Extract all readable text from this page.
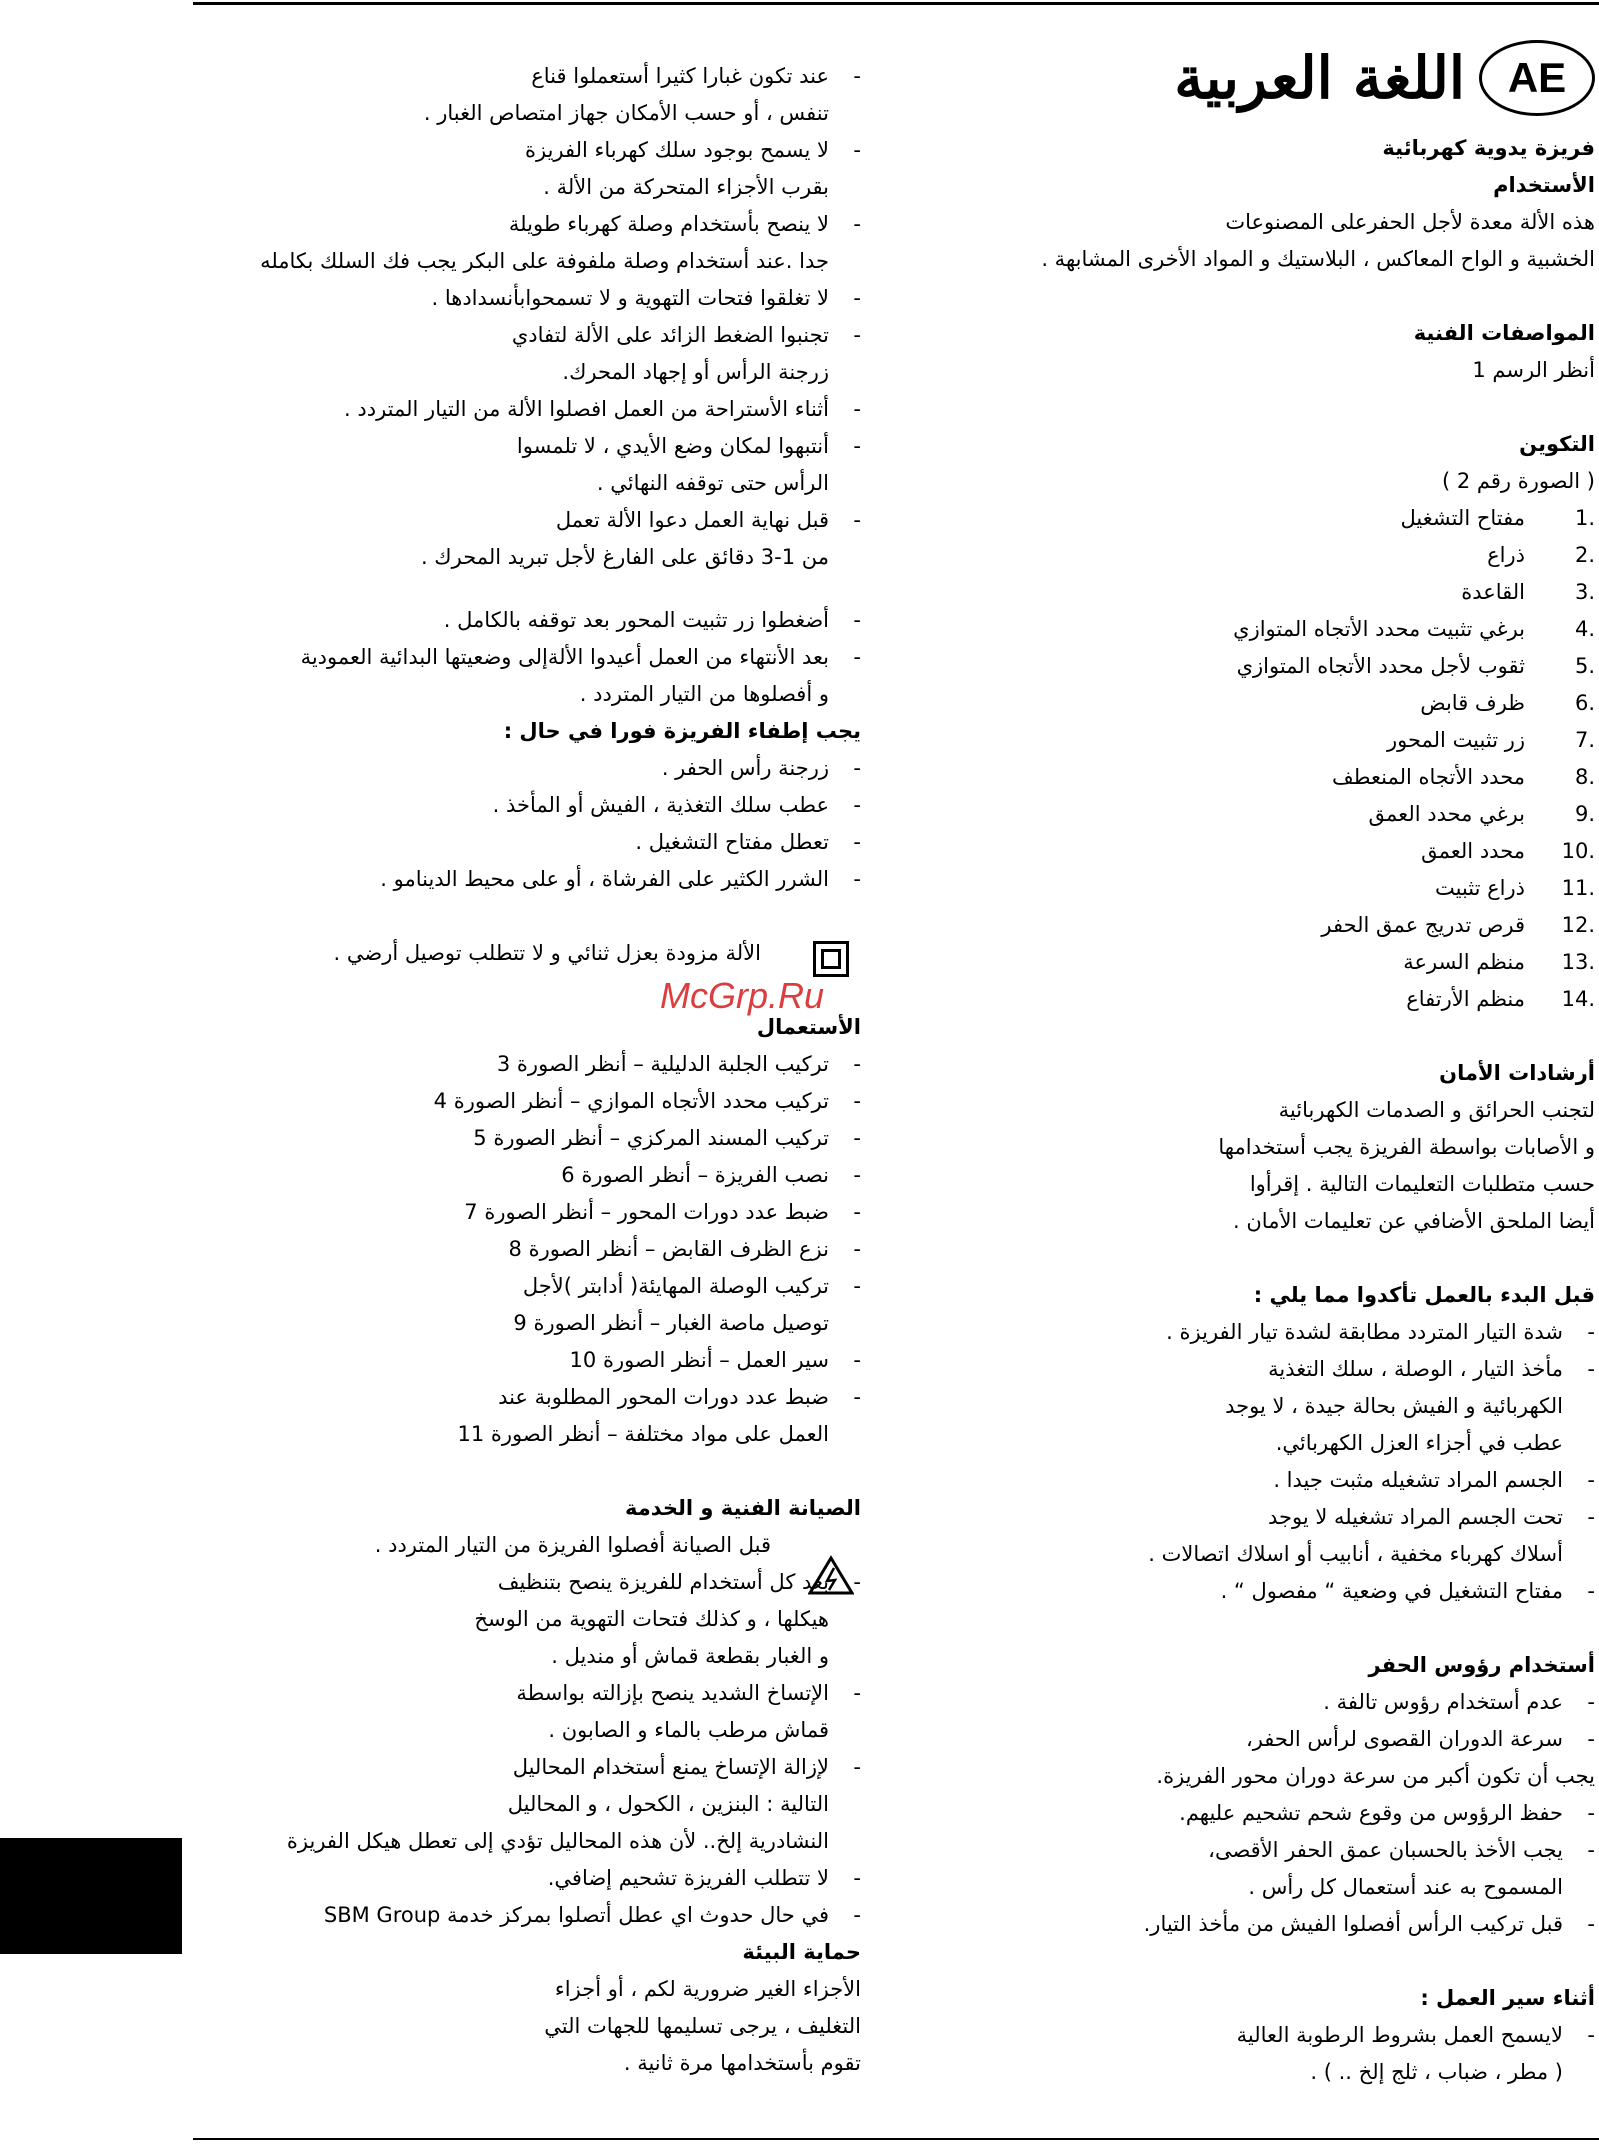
AE
اللغة العربية
McGrp.Ru
فريزة يدوية كهربائية
الأستخدام
هذه الألة معدة لأجل الحفرعلى المصنوعات
الخشبية و الواح المعاكس ، البلاستيك و المواد الأخرى المشابهة .
المواصفات الفنية
أنظر الرسم 1
التكوين
( الصورة رقم 2 )
1.مفتاح التشغيل
2.ذراع
3.القاعدة
4.برغي تثبيت محدد الأتجاه المتوازي
5.ثقوب لأجل محدد الأتجاه المتوازي
6.ظرف قابض
7.زر تثبيت المحور
8.محدد الأتجاه المنعطف
9.برغي محدد العمق
10.محدد العمق
11.ذراع تثبيت
12.قرص تدريج عمق الحفر
13.منظم السرعة
14.منظم الأرتفاع
أرشادات الأمان
لتجنب الحرائق و الصدمات الكهربائية
و الأصابات بواسطة الفريزة يجب أستخدامها
حسب متطلبات التعليمات التالية . إقرأوا
أيضا الملحق الأضافي عن تعليمات الأمان .
قبل البدء بالعمل تأكدوا مما يلي :
-شدة التيار المتردد مطابقة لشدة تيار الفريزة .
-مأخذ التيار ، الوصلة ، سلك التغذية
الكهربائية و الفيش بحالة جيدة ، لا يوجد
عطب في أجزاء العزل الكهربائي.
-الجسم المراد تشغيله مثبت جيدا .
-تحت الجسم المراد تشغيله لا يوجد
أسلاك كهرباء مخفية ، أنابيب أو اسلاك اتصالات .
-مفتاح التشغيل في وضعية “ مفصول “ .
أستخدام رؤوس الحفر
-عدم أستخدام رؤوس تالفة .
-سرعة الدوران القصوى لرأس الحفر،
يجب أن تكون أكبر من سرعة دوران محور الفريزة.
-حفظ الرؤوس من وقوع شحم تشحيم عليهم.
-يجب الأخذ بالحسبان عمق الحفر الأقصى،
المسموح به عند أستعمال كل رأس .
-قبل تركيب الرأس أفصلوا الفيش من مأخذ التيار.
أثناء سير العمل :
-لايسمح العمل بشروط الرطوبة العالية
( مطر ، ضباب ، ثلج إلخ .. ) .
-عند تكون غبارا كثيرا أستعملوا قناع
تنفس ، أو حسب الأمكان جهاز امتصاص الغبار .
-لا يسمح بوجود سلك كهرباء الفريزة
بقرب الأجزاء المتحركة من الألة .
-لا ينصح بأستخدام وصلة كهرباء طويلة
جدا .عند أستخدام وصلة ملفوفة على البكر يجب فك السلك بكامله
-لا تغلقوا فتحات التهوية و لا تسمحوابأنسدادها .
-تجنبوا الضغط الزائد على الألة لتفادي
زرجنة الرأس أو إجهاد المحرك.
-أثناء الأستراحة من العمل افصلوا الألة من التيار المتردد .
-أنتبهوا لمكان وضع الأيدي ، لا تلمسوا
الرأس حتى توقفه النهائي .
-قبل نهاية العمل دعوا الألة تعمل
من 1-3 دقائق على الفارغ لأجل تبريد المحرك .
-أضغطوا زر تثبيت المحور بعد توقفه بالكامل .
-بعد الأنتهاء من العمل أعيدوا الألةإلى وضعيتها البدائية العمودية
و أفصلوها من التيار المتردد .
يجب إطفاء الفريزة فورا في حال :
-زرجنة رأس الحفر .
-عطب سلك التغذية ، الفيش أو المأخذ .
-تعطل مفتاح التشغيل .
-الشرر الكثير على الفرشاة ، أو على محيط الدينامو .
الألة مزودة بعزل ثنائي و لا تتطلب توصيل أرضي .
الأستعمال
-تركيب الجلبة الدليلية – أنظر الصورة 3
-تركيب محدد الأتجاه الموازي – أنظر الصورة 4
-تركيب المسند المركزي – أنظر الصورة 5
-نصب الفريزة – أنظر الصورة 6
-ضبط عدد دورات المحور – أنظر الصورة 7
-نزع الظرف القابض – أنظر الصورة 8
-تركيب الوصلة المهايئة( أدابتر )لأجل
توصيل ماصة الغبار – أنظر الصورة 9
-سير العمل – أنظر الصورة 10
-ضبط عدد دورات المحور المطلوبة عند
العمل على مواد مختلفة – أنظر الصورة 11
الصيانة الفنية و الخدمة
قبل الصيانة أفصلوا الفريزة من التيار المتردد .
-بعد كل أستخدام للفريزة ينصح بتنظيف
هيكلها ، و كذلك فتحات التهوية من الوسخ
و الغبار بقطعة قماش أو منديل .
-الإتساخ الشديد ينصح بإزالته بواسطة
قماش مرطب بالماء و الصابون .
-لإزالة الإتساخ يمنع أستخدام المحاليل
التالية : البنزين ، الكحول ، و المحاليل
النشادرية إلخ.. لأن هذه المحاليل تؤدي إلى تعطل هيكل الفريزة
-لا تتطلب الفريزة تشحيم إضافي.
-في حال حدوث اي عطل أتصلوا بمركز خدمة SBM Group
حماية البيئة
الأجزاء الغير ضرورية لكم ، أو أجزاء
التغليف ، يرجى تسليمها للجهات التي
تقوم بأستخدامها مرة ثانية .
